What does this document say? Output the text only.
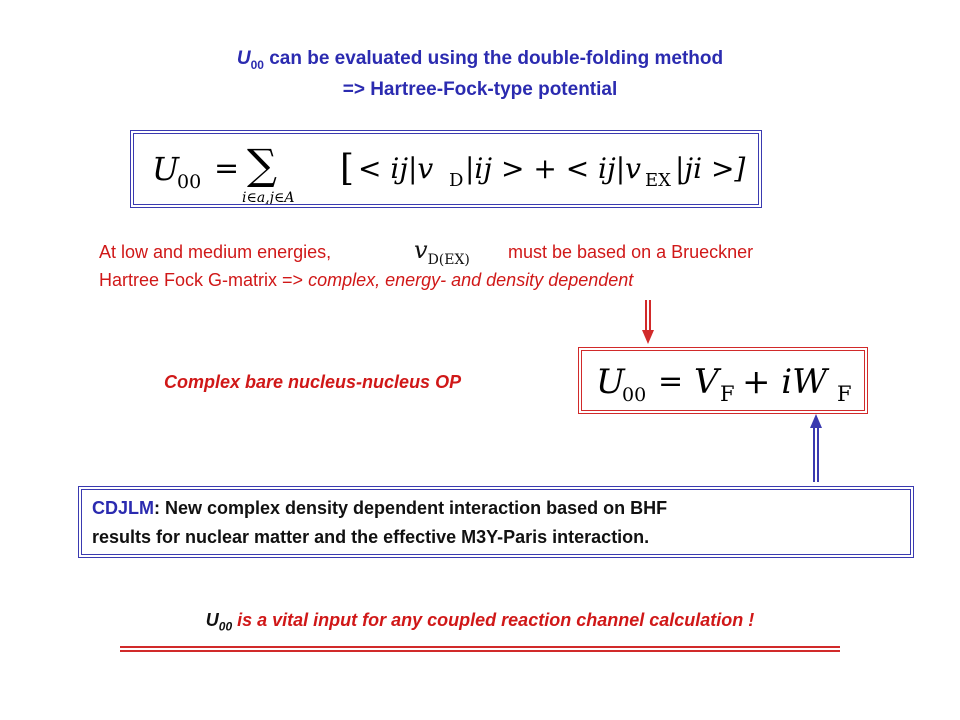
$U_{00}$ can be evaluated using the double-folding method
=> Hartree-Fock-type potential
U
00 = ∑
i∈a,j∈A
[ < ij|v D |ij > + < ij|v EX |ji >]
At low and medium energies,	vD(EX) must be based on a Brueckner
Hartree Fock G-matrix => complex, energy- and density dependent
Complex bare nucleus-nucleus OP	U
00 = V F + iW F
CDJLM: New complex density dependent interaction based on BHF
results for nuclear matter and the effective M3Y-Paris interaction.
$U_{00}$ is a vital input for any coupled reaction channel calculation !
